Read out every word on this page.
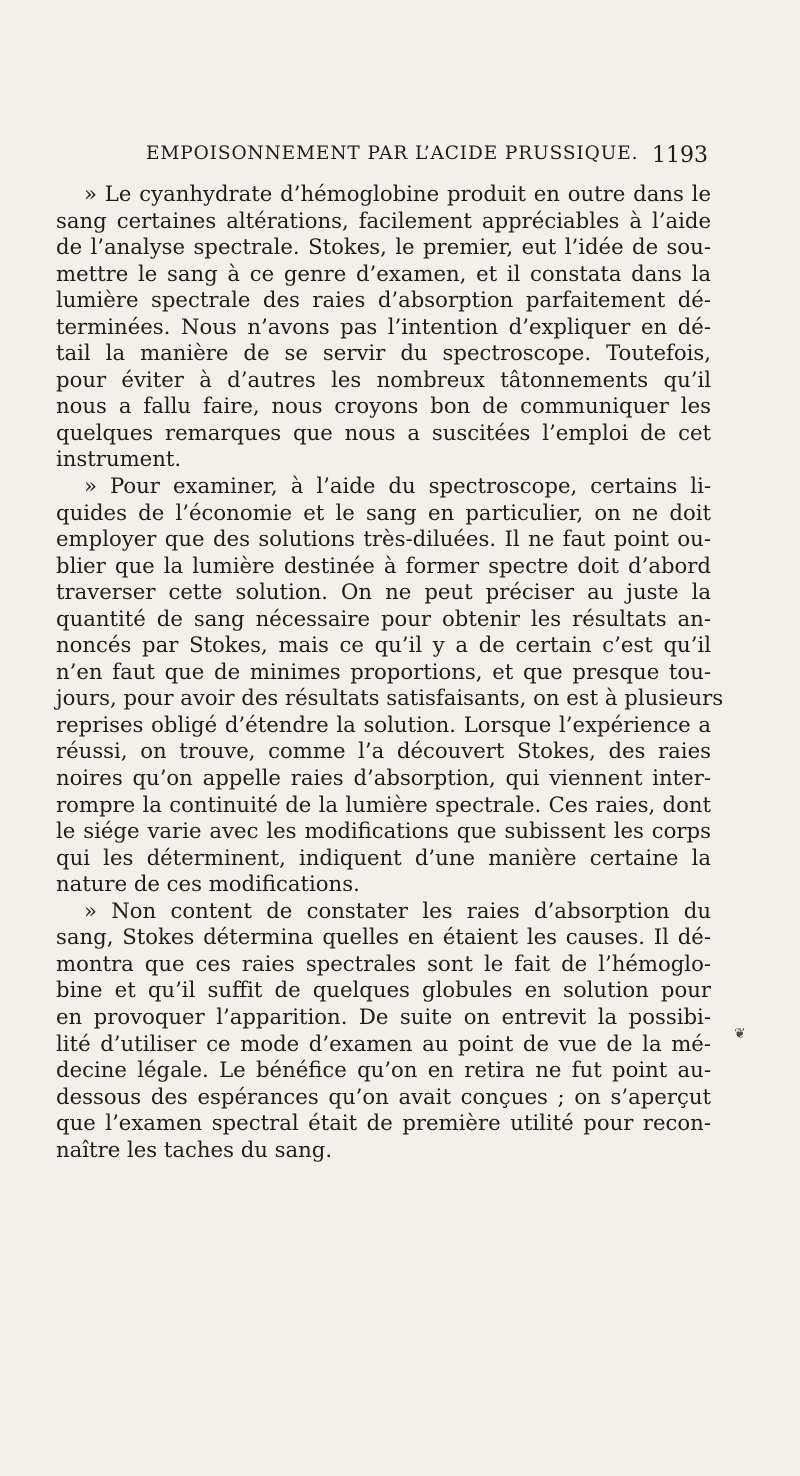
EMPOISONNEMENT PAR L’ACIDE PRUSSIQUE. 1193
» Le cyanhydrate d’hémoglobine produit en outre dans le
sang certaines altérations, facilement appréciables à l’aide
de l’analyse spectrale. Stokes, le premier, eut l’idée de sou-
mettre le sang à ce genre d’examen, et il constata dans la
lumière spectrale des raies d’absorption parfaitement dé-
terminées. Nous n’avons pas l’intention d’expliquer en dé-
tail la manière de se servir du spectroscope. Toutefois,
pour éviter à d’autres les nombreux tâtonnements qu’il
nous a fallu faire, nous croyons bon de communiquer les
quelques remarques que nous a suscitées l’emploi de cet
instrument.
» Pour examiner, à l’aide du spectroscope, certains li-
quides de l’économie et le sang en particulier, on ne doit
employer que des solutions très-diluées. Il ne faut point ou-
blier que la lumière destinée à former spectre doit d’abord
traverser cette solution. On ne peut préciser au juste la
quantité de sang nécessaire pour obtenir les résultats an-
noncés par Stokes, mais ce qu’il y a de certain c’est qu’il
n’en faut que de minimes proportions, et que presque tou-
jours, pour avoir des résultats satisfaisants, on est à plusieurs
reprises obligé d’étendre la solution. Lorsque l’expérience a
réussi, on trouve, comme l’a découvert Stokes, des raies
noires qu’on appelle raies d’absorption, qui viennent inter-
rompre la continuité de la lumière spectrale. Ces raies, dont
le siége varie avec les modifications que subissent les corps
qui les déterminent, indiquent d’une manière certaine la
nature de ces modifications.
» Non content de constater les raies d’absorption du
sang, Stokes détermina quelles en étaient les causes. Il dé-
montra que ces raies spectrales sont le fait de l’hémoglo-
bine et qu’il suffit de quelques globules en solution pour
en provoquer l’apparition. De suite on entrevit la possibi-
lité d’utiliser ce mode d’examen au point de vue de la mé-
decine légale. Le bénéfice qu’on en retira ne fut point au-
dessous des espérances qu’on avait conçues ; on s’aperçut
que l’examen spectral était de première utilité pour recon-
naître les taches du sang.
❦
